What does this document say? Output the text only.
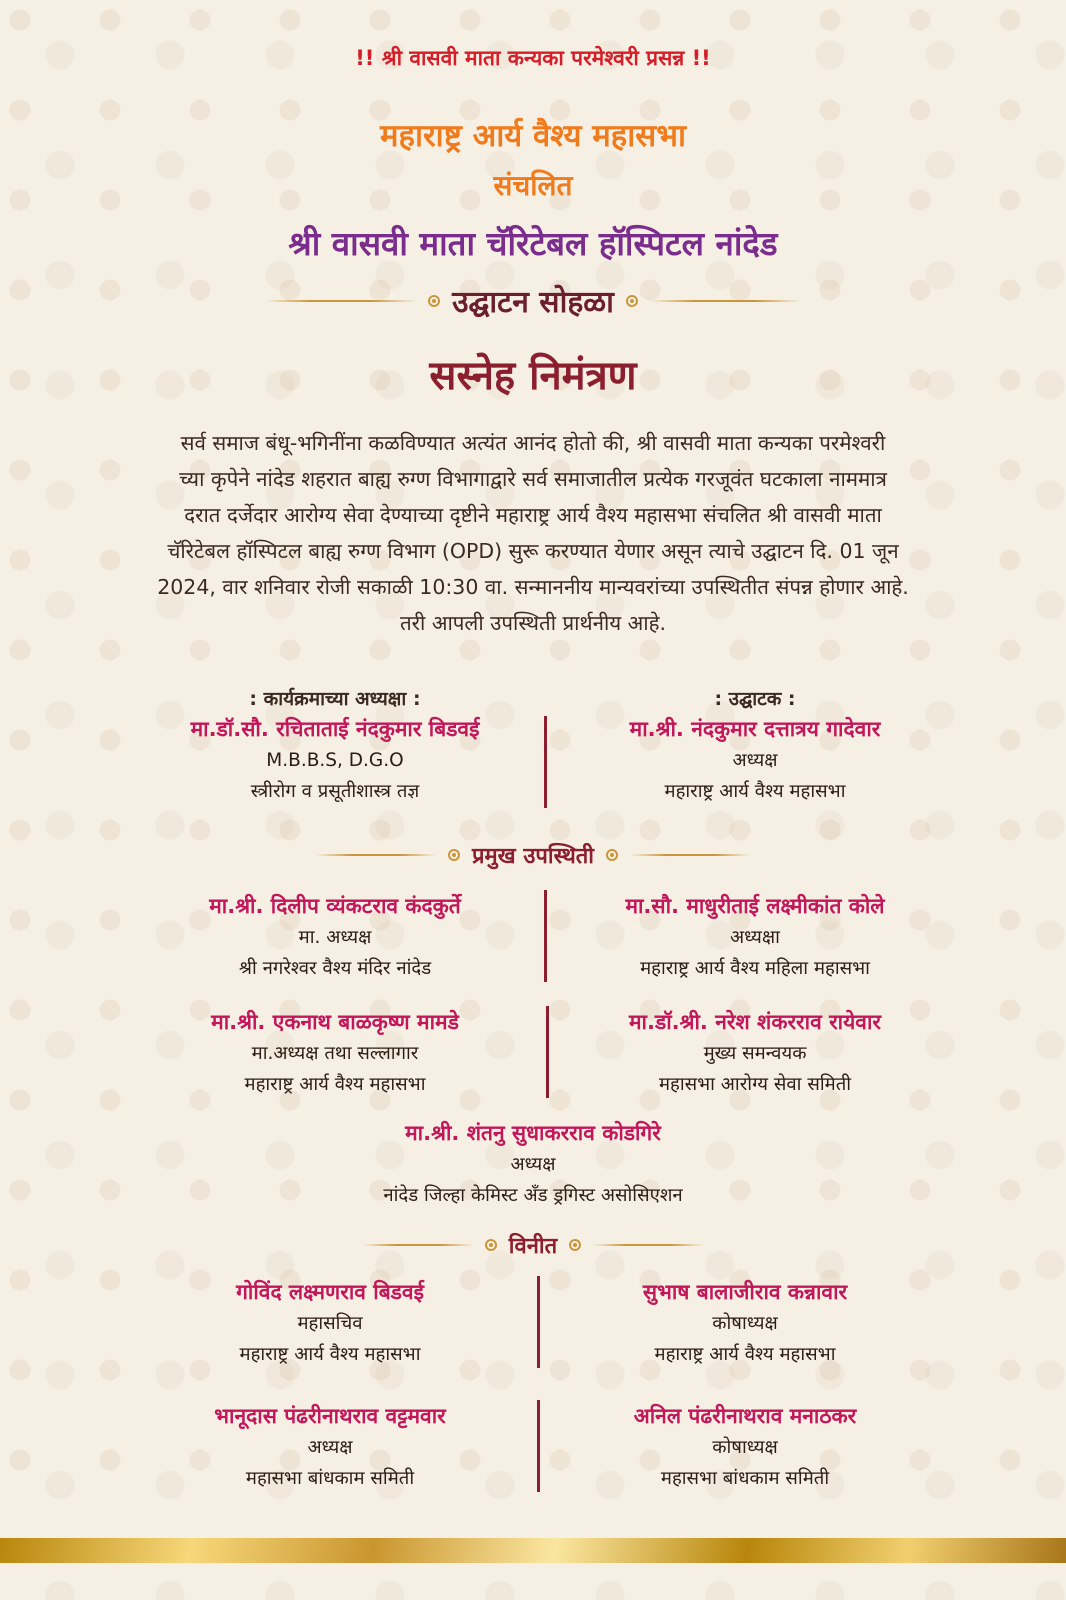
!! श्री वासवी माता कन्यका परमेश्वरी प्रसन्न !!
महाराष्ट्र आर्य वैश्य महासभा
संचलित
श्री वासवी माता चॅरिटेबल हॉस्पिटल नांदेड
उद्घाटन सोहळा
सस्नेह निमंत्रण
सर्व समाज बंधू-भगिनींना कळविण्यात अत्यंत आनंद होतो की, श्री वासवी माता कन्यका परमेश्वरी
च्या कृपेने नांदेड शहरात बाह्य रुग्ण विभागाद्वारे सर्व समाजातील प्रत्येक गरजूवंत घटकाला नाममात्र
दरात दर्जेदार आरोग्य सेवा देण्याच्या दृष्टीने महाराष्ट्र आर्य वैश्य महासभा संचलित श्री वासवी माता
चॅरिटेबल हॉस्पिटल बाह्य रुग्ण विभाग (OPD) सुरू करण्यात येणार असून त्याचे उद्घाटन दि. 01 जून
2024, वार शनिवार रोजी सकाळी 10:30 वा. सन्माननीय मान्यवरांच्या उपस्थितीत संपन्न होणार आहे.
तरी आपली उपस्थिती प्रार्थनीय आहे.
: कार्यक्रमाच्या अध्यक्षा :
मा.डॉ.सौ. रचिताताई नंदकुमार बिडवई
M.B.B.S, D.G.O
स्त्रीरोग व प्रसूतीशास्त्र तज्ञ
: उद्घाटक :
मा.श्री. नंदकुमार दत्तात्रय गादेवार
अध्यक्ष
महाराष्ट्र आर्य वैश्य महासभा
प्रमुख उपस्थिती
मा.श्री. दिलीप व्यंकटराव कंदकुर्ते
मा. अध्यक्ष
श्री नगरेश्वर वैश्य मंदिर नांदेड
मा.सौ. माधुरीताई लक्ष्मीकांत कोले
अध्यक्षा
महाराष्ट्र आर्य वैश्य महिला महासभा
मा.श्री. एकनाथ बाळकृष्ण मामडे
मा.अध्यक्ष तथा सल्लागार
महाराष्ट्र आर्य वैश्य महासभा
मा.डॉ.श्री. नरेश शंकरराव रायेवार
मुख्य समन्वयक
महासभा आरोग्य सेवा समिती
मा.श्री. शंतनु सुधाकरराव कोडगिरे
अध्यक्ष
नांदेड जिल्हा केमिस्ट अँड ड्रगिस्ट असोसिएशन
विनीत
गोविंद लक्ष्मणराव बिडवई
महासचिव
महाराष्ट्र आर्य वैश्य महासभा
सुभाष बालाजीराव कन्नावार
कोषाध्यक्ष
महाराष्ट्र आर्य वैश्य महासभा
भानूदास पंढरीनाथराव वट्टमवार
अध्यक्ष
महासभा बांधकाम समिती
अनिल पंढरीनाथराव मनाठकर
कोषाध्यक्ष
महासभा बांधकाम समिती
